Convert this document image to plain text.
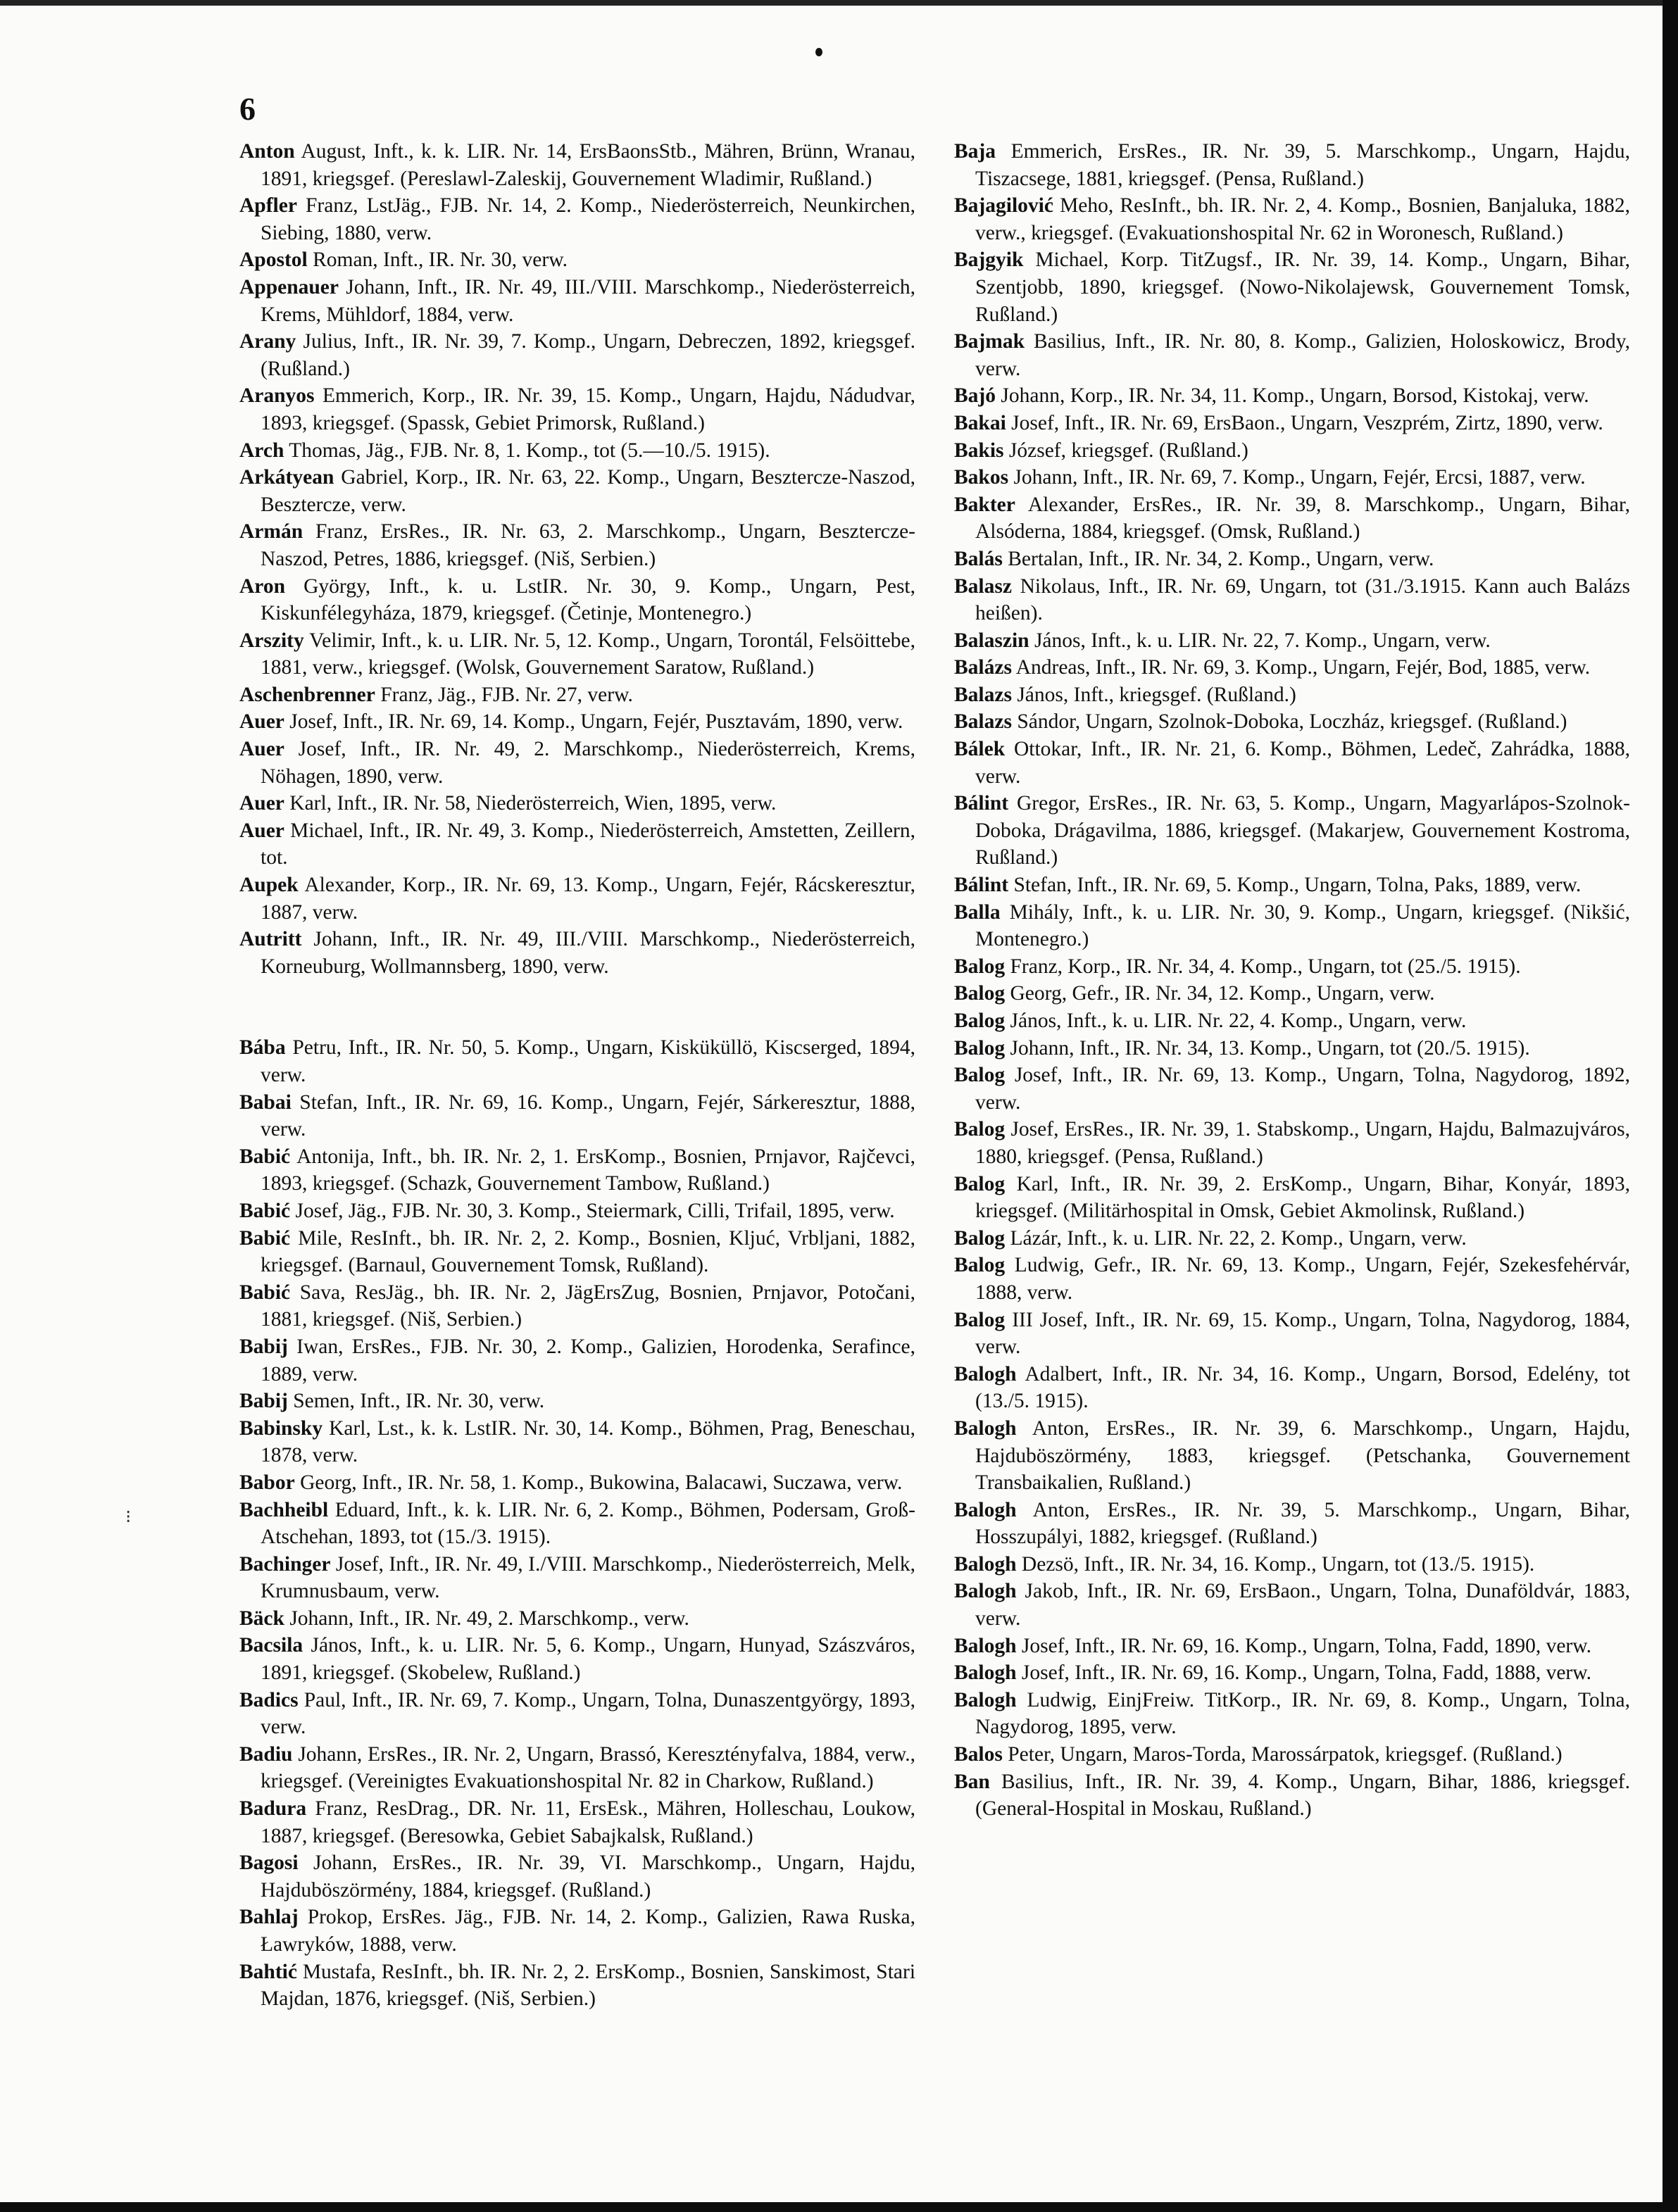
⁝
6

Anton August, Inft., k. k. LIR. Nr. 14, ErsBaonsStb., Mähren, Brünn, Wranau, 1891, kriegsgef. (Pereslawl-Zaleskij, Gouvernement Wladimir, Rußland.)

Apfler Franz, LstJäg., FJB. Nr. 14, 2. Komp., Niederösterreich, Neunkirchen, Siebing, 1880, verw.

Apostol Roman, Inft., IR. Nr. 30, verw.

Appenauer Johann, Inft., IR. Nr. 49, III./VIII. Marschkomp., Niederösterreich, Krems, Mühldorf, 1884, verw.

Arany Julius, Inft., IR. Nr. 39, 7. Komp., Ungarn, Debreczen, 1892, kriegsgef. (Rußland.)

Aranyos Emmerich, Korp., IR. Nr. 39, 15. Komp., Ungarn, Hajdu, Nádudvar, 1893, kriegsgef. (Spassk, Gebiet Primorsk, Rußland.)

Arch Thomas, Jäg., FJB. Nr. 8, 1. Komp., tot (5.—10./5. 1915).

Arkátyean Gabriel, Korp., IR. Nr. 63, 22. Komp., Ungarn, Besztercze-Naszod, Besztercze, verw.

Armán Franz, ErsRes., IR. Nr. 63, 2. Marschkomp., Ungarn, Besztercze-Naszod, Petres, 1886, kriegsgef. (Niš, Serbien.)

Aron György, Inft., k. u. LstIR. Nr. 30, 9. Komp., Ungarn, Pest, Kiskunfélegyháza, 1879, kriegsgef. (Četinje, Montenegro.)

Arszity Velimir, Inft., k. u. LIR. Nr. 5, 12. Komp., Ungarn, Torontál, Felsöittebe, 1881, verw., kriegsgef. (Wolsk, Gouvernement Saratow, Rußland.)

Aschenbrenner Franz, Jäg., FJB. Nr. 27, verw.

Auer Josef, Inft., IR. Nr. 69, 14. Komp., Ungarn, Fejér, Pusztavám, 1890, verw.

Auer Josef, Inft., IR. Nr. 49, 2. Marschkomp., Niederösterreich, Krems, Nöhagen, 1890, verw.

Auer Karl, Inft., IR. Nr. 58, Niederösterreich, Wien, 1895, verw.

Auer Michael, Inft., IR. Nr. 49, 3. Komp., Niederösterreich, Amstetten, Zeillern, tot.

Aupek Alexander, Korp., IR. Nr. 69, 13. Komp., Ungarn, Fejér, Rácskeresztur, 1887, verw.

Autritt Johann, Inft., IR. Nr. 49, III./VIII. Marschkomp., Niederösterreich, Korneuburg, Wollmannsberg, 1890, verw.

Bába Petru, Inft., IR. Nr. 50, 5. Komp., Ungarn, Kisküküllö, Kiscserged, 1894, verw.

Babai Stefan, Inft., IR. Nr. 69, 16. Komp., Ungarn, Fejér, Sárkeresztur, 1888, verw.

Babić Antonija, Inft., bh. IR. Nr. 2, 1. ErsKomp., Bosnien, Prnjavor, Rajčevci, 1893, kriegsgef. (Schazk, Gouvernement Tambow, Rußland.)

Babić Josef, Jäg., FJB. Nr. 30, 3. Komp., Steiermark, Cilli, Trifail, 1895, verw.

Babić Mile, ResInft., bh. IR. Nr. 2, 2. Komp., Bosnien, Kljuć, Vrbljani, 1882, kriegsgef. (Barnaul, Gouvernement Tomsk, Rußland).

Babić Sava, ResJäg., bh. IR. Nr. 2, JägErsZug, Bosnien, Prnjavor, Potočani, 1881, kriegsgef. (Niš, Serbien.)

Babij Iwan, ErsRes., FJB. Nr. 30, 2. Komp., Galizien, Horodenka, Serafince, 1889, verw.

Babij Semen, Inft., IR. Nr. 30, verw.

Babinsky Karl, Lst., k. k. LstIR. Nr. 30, 14. Komp., Böhmen, Prag, Beneschau, 1878, verw.

Babor Georg, Inft., IR. Nr. 58, 1. Komp., Bukowina, Balacawi, Suczawa, verw.

Bachheibl Eduard, Inft., k. k. LIR. Nr. 6, 2. Komp., Böhmen, Podersam, Groß-Atschehan, 1893, tot (15./3. 1915).

Bachinger Josef, Inft., IR. Nr. 49, I./VIII. Marschkomp., Niederösterreich, Melk, Krumnusbaum, verw.

Bäck Johann, Inft., IR. Nr. 49, 2. Marschkomp., verw.

Bacsila János, Inft., k. u. LIR. Nr. 5, 6. Komp., Ungarn, Hunyad, Szászváros, 1891, kriegsgef. (Skobelew, Rußland.)

Badics Paul, Inft., IR. Nr. 69, 7. Komp., Ungarn, Tolna, Dunaszentgyörgy, 1893, verw.

Badiu Johann, ErsRes., IR. Nr. 2, Ungarn, Brassó, Keresztényfalva, 1884, verw., kriegsgef. (Vereinigtes Evakuationshospital Nr. 82 in Charkow, Rußland.)

Badura Franz, ResDrag., DR. Nr. 11, ErsEsk., Mähren, Holleschau, Loukow, 1887, kriegsgef. (Beresowka, Gebiet Sabajkalsk, Rußland.)

Bagosi Johann, ErsRes., IR. Nr. 39, VI. Marschkomp., Ungarn, Hajdu, Hajduböszörmény, 1884, kriegsgef. (Rußland.)

Bahlaj Prokop, ErsRes. Jäg., FJB. Nr. 14, 2. Komp., Galizien, Rawa Ruska, Ławryków, 1888, verw.

Bahtić Mustafa, ResInft., bh. IR. Nr. 2, 2. ErsKomp., Bosnien, Sanskimost, Stari Majdan, 1876, kriegsgef. (Niš, Serbien.)

Baja Emmerich, ErsRes., IR. Nr. 39, 5. Marschkomp., Ungarn, Hajdu, Tiszacsege, 1881, kriegsgef. (Pensa, Rußland.)

Bajagilović Meho, ResInft., bh. IR. Nr. 2, 4. Komp., Bosnien, Banjaluka, 1882, verw., kriegsgef. (Evakuationshospital Nr. 62 in Woronesch, Rußland.)

Bajgyik Michael, Korp. TitZugsf., IR. Nr. 39, 14. Komp., Ungarn, Bihar, Szentjobb, 1890, kriegsgef. (Nowo-Nikolajewsk, Gouvernement Tomsk, Rußland.)

Bajmak Basilius, Inft., IR. Nr. 80, 8. Komp., Galizien, Holoskowicz, Brody, verw.

Bajó Johann, Korp., IR. Nr. 34, 11. Komp., Ungarn, Borsod, Kistokaj, verw.

Bakai Josef, Inft., IR. Nr. 69, ErsBaon., Ungarn, Veszprém, Zirtz, 1890, verw.

Bakis József, kriegsgef. (Rußland.)

Bakos Johann, Inft., IR. Nr. 69, 7. Komp., Ungarn, Fejér, Ercsi, 1887, verw.

Bakter Alexander, ErsRes., IR. Nr. 39, 8. Marschkomp., Ungarn, Bihar, Alsóderna, 1884, kriegsgef. (Omsk, Rußland.)

Balás Bertalan, Inft., IR. Nr. 34, 2. Komp., Ungarn, verw.

Balasz Nikolaus, Inft., IR. Nr. 69, Ungarn, tot (31./3.1915. Kann auch Balázs heißen).

Balaszin János, Inft., k. u. LIR. Nr. 22, 7. Komp., Ungarn, verw.

Balázs Andreas, Inft., IR. Nr. 69, 3. Komp., Ungarn, Fejér, Bod, 1885, verw.

Balazs János, Inft., kriegsgef. (Rußland.)

Balazs Sándor, Ungarn, Szolnok-Doboka, Loczház, kriegsgef. (Rußland.)

Bálek Ottokar, Inft., IR. Nr. 21, 6. Komp., Böhmen, Ledeč, Zahrádka, 1888, verw.

Bálint Gregor, ErsRes., IR. Nr. 63, 5. Komp., Ungarn, Magyarlápos-Szolnok-Doboka, Drágavilma, 1886, kriegsgef. (Makarjew, Gouvernement Kostroma, Rußland.)

Bálint Stefan, Inft., IR. Nr. 69, 5. Komp., Ungarn, Tolna, Paks, 1889, verw.

Balla Mihály, Inft., k. u. LIR. Nr. 30, 9. Komp., Ungarn, kriegsgef. (Nikšić, Montenegro.)

Balog Franz, Korp., IR. Nr. 34, 4. Komp., Ungarn, tot (25./5. 1915).

Balog Georg, Gefr., IR. Nr. 34, 12. Komp., Ungarn, verw.

Balog János, Inft., k. u. LIR. Nr. 22, 4. Komp., Ungarn, verw.

Balog Johann, Inft., IR. Nr. 34, 13. Komp., Ungarn, tot (20./5. 1915).

Balog Josef, Inft., IR. Nr. 69, 13. Komp., Ungarn, Tolna, Nagydorog, 1892, verw.

Balog Josef, ErsRes., IR. Nr. 39, 1. Stabskomp., Ungarn, Hajdu, Balmazujváros, 1880, kriegsgef. (Pensa, Rußland.)

Balog Karl, Inft., IR. Nr. 39, 2. ErsKomp., Ungarn, Bihar, Konyár, 1893, kriegsgef. (Militärhospital in Omsk, Gebiet Akmolinsk, Rußland.)

Balog Lázár, Inft., k. u. LIR. Nr. 22, 2. Komp., Ungarn, verw.

Balog Ludwig, Gefr., IR. Nr. 69, 13. Komp., Ungarn, Fejér, Szekesfehérvár, 1888, verw.

Balog III Josef, Inft., IR. Nr. 69, 15. Komp., Ungarn, Tolna, Nagydorog, 1884, verw.

Balogh Adalbert, Inft., IR. Nr. 34, 16. Komp., Ungarn, Borsod, Edelény, tot (13./5. 1915).

Balogh Anton, ErsRes., IR. Nr. 39, 6. Marschkomp., Ungarn, Hajdu, Hajduböszörmény, 1883, kriegsgef. (Petschanka, Gouvernement Transbaikalien, Rußland.)

Balogh Anton, ErsRes., IR. Nr. 39, 5. Marschkomp., Ungarn, Bihar, Hosszupályi, 1882, kriegsgef. (Rußland.)

Balogh Dezsö, Inft., IR. Nr. 34, 16. Komp., Ungarn, tot (13./5. 1915).

Balogh Jakob, Inft., IR. Nr. 69, ErsBaon., Ungarn, Tolna, Dunaföldvár, 1883, verw.

Balogh Josef, Inft., IR. Nr. 69, 16. Komp., Ungarn, Tolna, Fadd, 1890, verw.

Balogh Josef, Inft., IR. Nr. 69, 16. Komp., Ungarn, Tolna, Fadd, 1888, verw.

Balogh Ludwig, EinjFreiw. TitKorp., IR. Nr. 69, 8. Komp., Ungarn, Tolna, Nagydorog, 1895, verw.

Balos Peter, Ungarn, Maros-Torda, Marossárpatok, kriegsgef. (Rußland.)

Ban Basilius, Inft., IR. Nr. 39, 4. Komp., Ungarn, Bihar, 1886, kriegsgef. (General-Hospital in Moskau, Rußland.)
